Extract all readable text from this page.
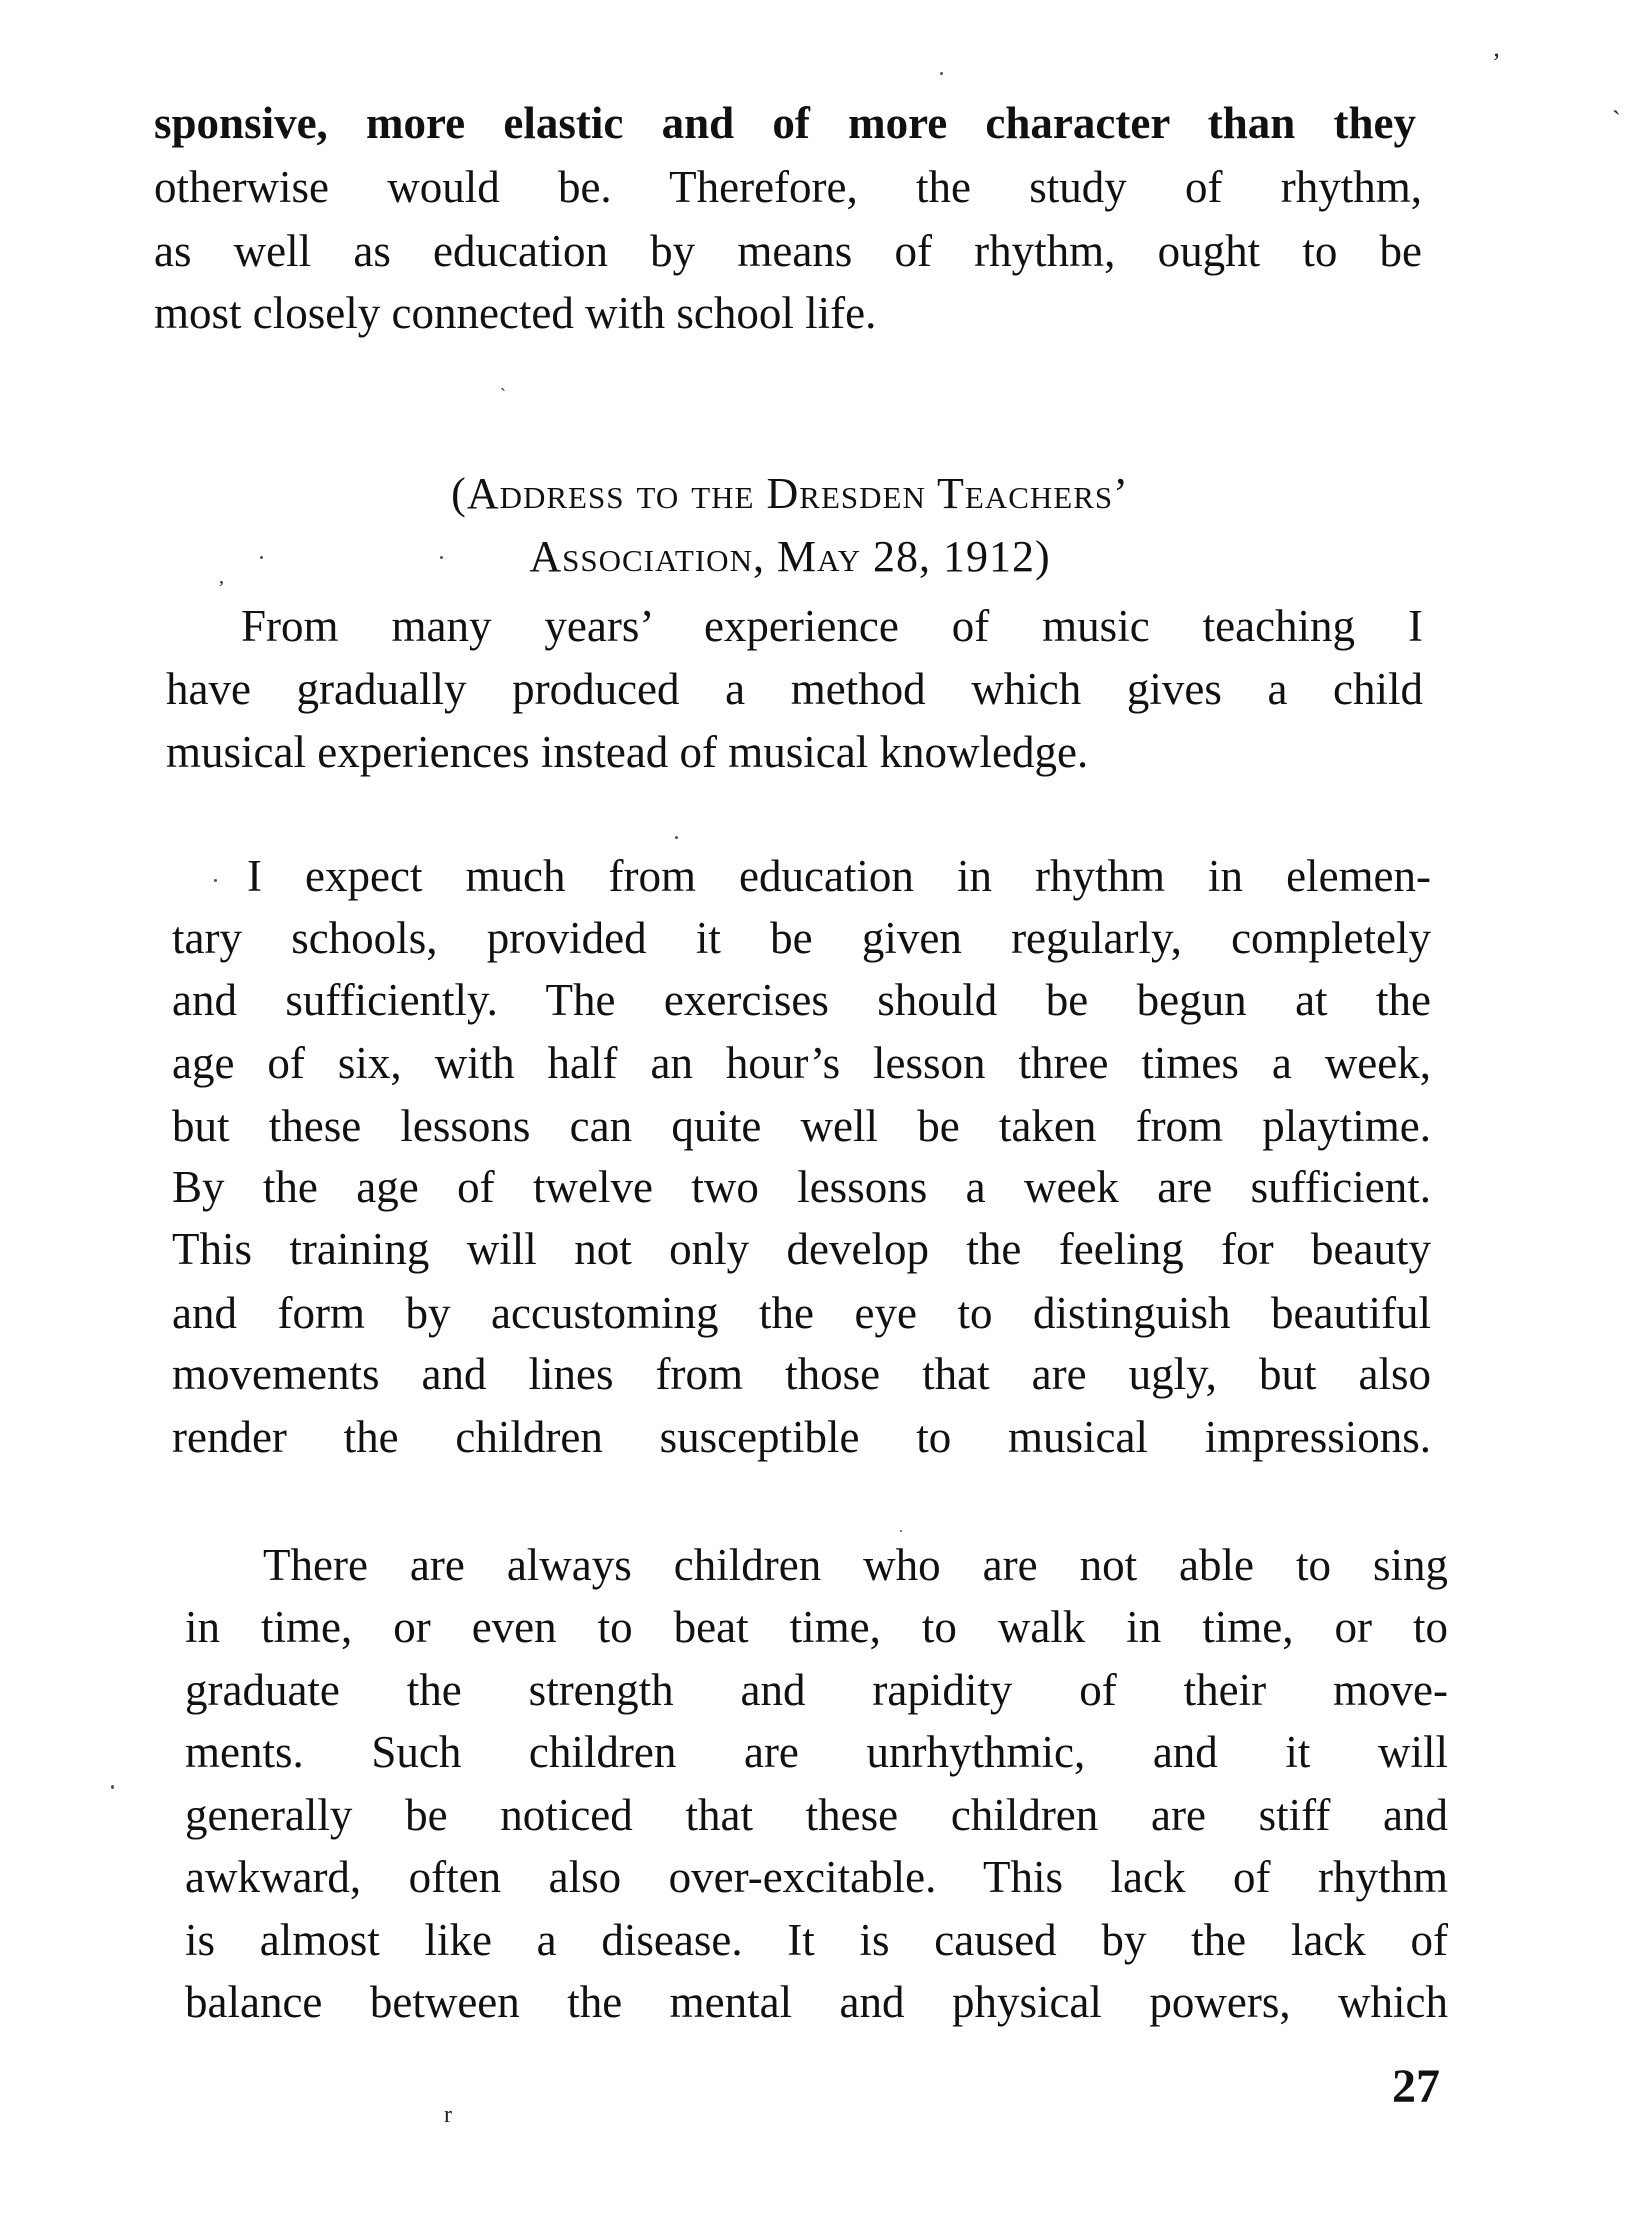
sponsive, more elastic and of more character than they
otherwise would be. Therefore, the study of rhythm,
as well as education by means of rhythm, ought to be
most closely connected with school life.
(Address to the Dresden Teachers’
Association, May 28, 1912)
From many years’ experience of music teaching I
have gradually produced a method which gives a child
musical experiences instead of musical knowledge.
I expect much from education in rhythm in elemen-
tary schools, provided it be given regularly, completely
and sufficiently. The exercises should be begun at the
age of six, with half an hour’s lesson three times a week,
but these lessons can quite well be taken from playtime.
By the age of twelve two lessons a week are sufficient.
This training will not only develop the feeling for beauty
and form by accustoming the eye to distinguish beautiful
movements and lines from those that are ugly, but also
render the children susceptible to musical impressions.
There are always children who are not able to sing
in time, or even to beat time, to walk in time, or to
graduate the strength and rapidity of their move-
ments. Such children are unrhythmic, and it will
generally be noticed that these children are stiff and
awkward, often also over-excitable. This lack of rhythm
is almost like a disease. It is caused by the lack of
balance between the mental and physical powers, which
27
’
ˎ
ˎ
’
r
